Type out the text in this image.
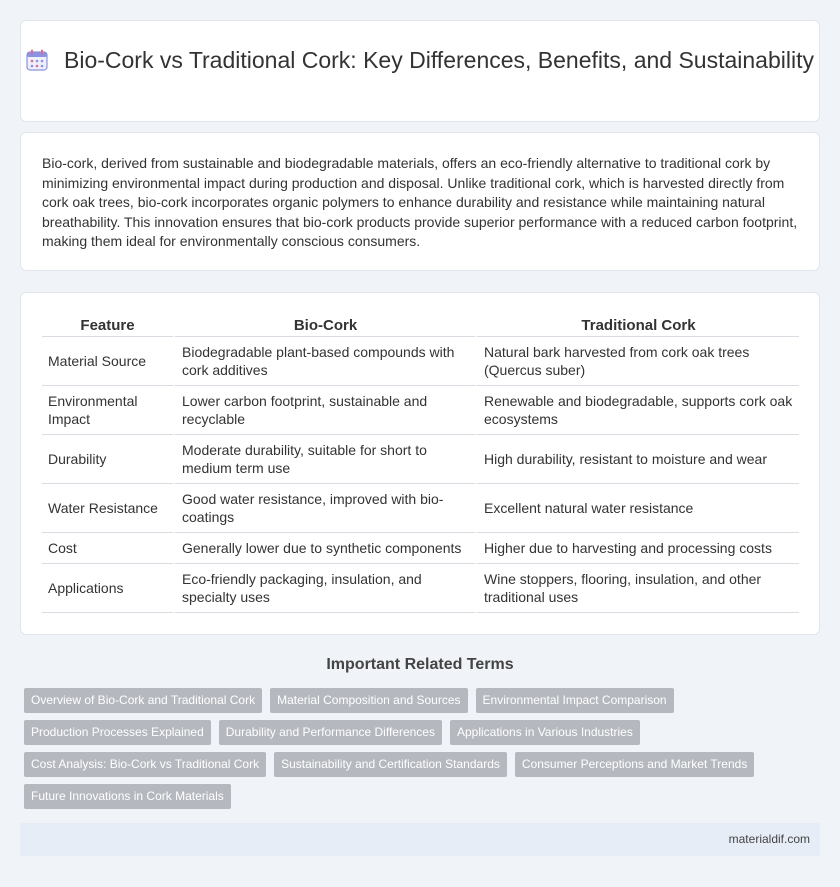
Bio-Cork vs Traditional Cork: Key Differences, Benefits, and Sustainability

Bio-cork, derived from sustainable and biodegradable materials, offers an eco-friendly alternative to traditional cork by minimizing environmental impact during production and disposal. Unlike traditional cork, which is harvested directly from cork oak trees, bio-cork incorporates organic polymers to enhance durability and resistance while maintaining natural breathability. This innovation ensures that bio-cork products provide superior performance with a reduced carbon footprint, making them ideal for environmentally conscious consumers.

Feature	Bio-Cork	Traditional Cork
Material Source	Biodegradable plant-based compounds with cork additives	Natural bark harvested from cork oak trees (Quercus suber)
Environmental Impact	Lower carbon footprint, sustainable and recyclable	Renewable and biodegradable, supports cork oak ecosystems
Durability	Moderate durability, suitable for short to medium term use	High durability, resistant to moisture and wear
Water Resistance	Good water resistance, improved with bio-coatings	Excellent natural water resistance
Cost	Generally lower due to synthetic components	Higher due to harvesting and processing costs
Applications	Eco-friendly packaging, insulation, and specialty uses	Wine stoppers, flooring, insulation, and other traditional uses
Important Related Terms
Overview of Bio-Cork and Traditional Cork	Material Composition and Sources	Environmental Impact Comparison
Production Processes Explained	Durability and Performance Differences	Applications in Various Industries
Cost Analysis: Bio-Cork vs Traditional Cork	Sustainability and Certification Standards	Consumer Perceptions and Market Trends
Future Innovations in Cork Materials
materialdif.com
